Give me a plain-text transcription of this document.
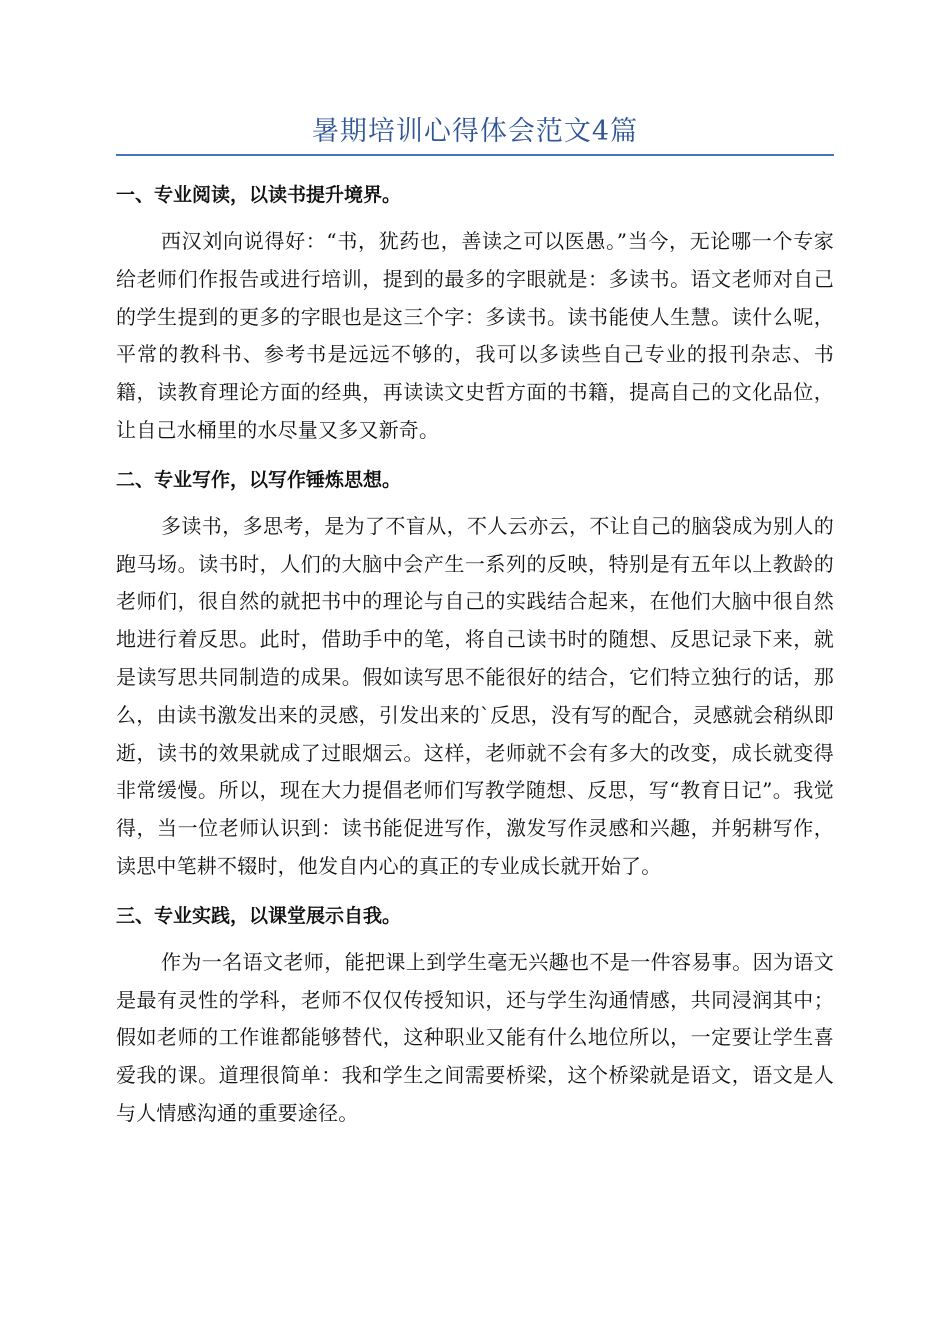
暑期培训心得体会范文4篇
一、专业阅读，以读书提升境界。

西汉刘向说得好：“书，犹药也，善读之可以医愚。”当今，无论哪一个专家给老师们作报告或进行培训，提到的最多的字眼就是：多读书。语文老师对自己的学生提到的更多的字眼也是这三个字：多读书。读书能使人生慧。读什么呢，平常的教科书、参考书是远远不够的，我可以多读些自己专业的报刊杂志、书籍，读教育理论方面的经典，再读读文史哲方面的书籍，提高自己的文化品位，让自己水桶里的水尽量又多又新奇。

二、专业写作，以写作锤炼思想。

多读书，多思考，是为了不盲从，不人云亦云，不让自己的脑袋成为别人的跑马场。读书时，人们的大脑中会产生一系列的反映，特别是有五年以上教龄的老师们，很自然的就把书中的理论与自己的实践结合起来，在他们大脑中很自然地进行着反思。此时，借助手中的笔，将自己读书时的随想、反思记录下来，就是读写思共同制造的成果。假如读写思不能很好的结合，它们特立独行的话，那么，由读书激发出来的灵感，引发出来的`反思，没有写的配合，灵感就会稍纵即逝，读书的效果就成了过眼烟云。这样，老师就不会有多大的改变，成长就变得非常缓慢。所以，现在大力提倡老师们写教学随想、反思，写“教育日记”。我觉得，当一位老师认识到：读书能促进写作，激发写作灵感和兴趣，并躬耕写作，读思中笔耕不辍时，他发自内心的真正的专业成长就开始了。

三、专业实践，以课堂展示自我。

作为一名语文老师，能把课上到学生毫无兴趣也不是一件容易事。因为语文是最有灵性的学科，老师不仅仅传授知识，还与学生沟通情感，共同浸润其中；假如老师的工作谁都能够替代，这种职业又能有什么地位所以，一定要让学生喜爱我的课。道理很简单：我和学生之间需要桥梁，这个桥梁就是语文，语文是人与人情感沟通的重要途径。
